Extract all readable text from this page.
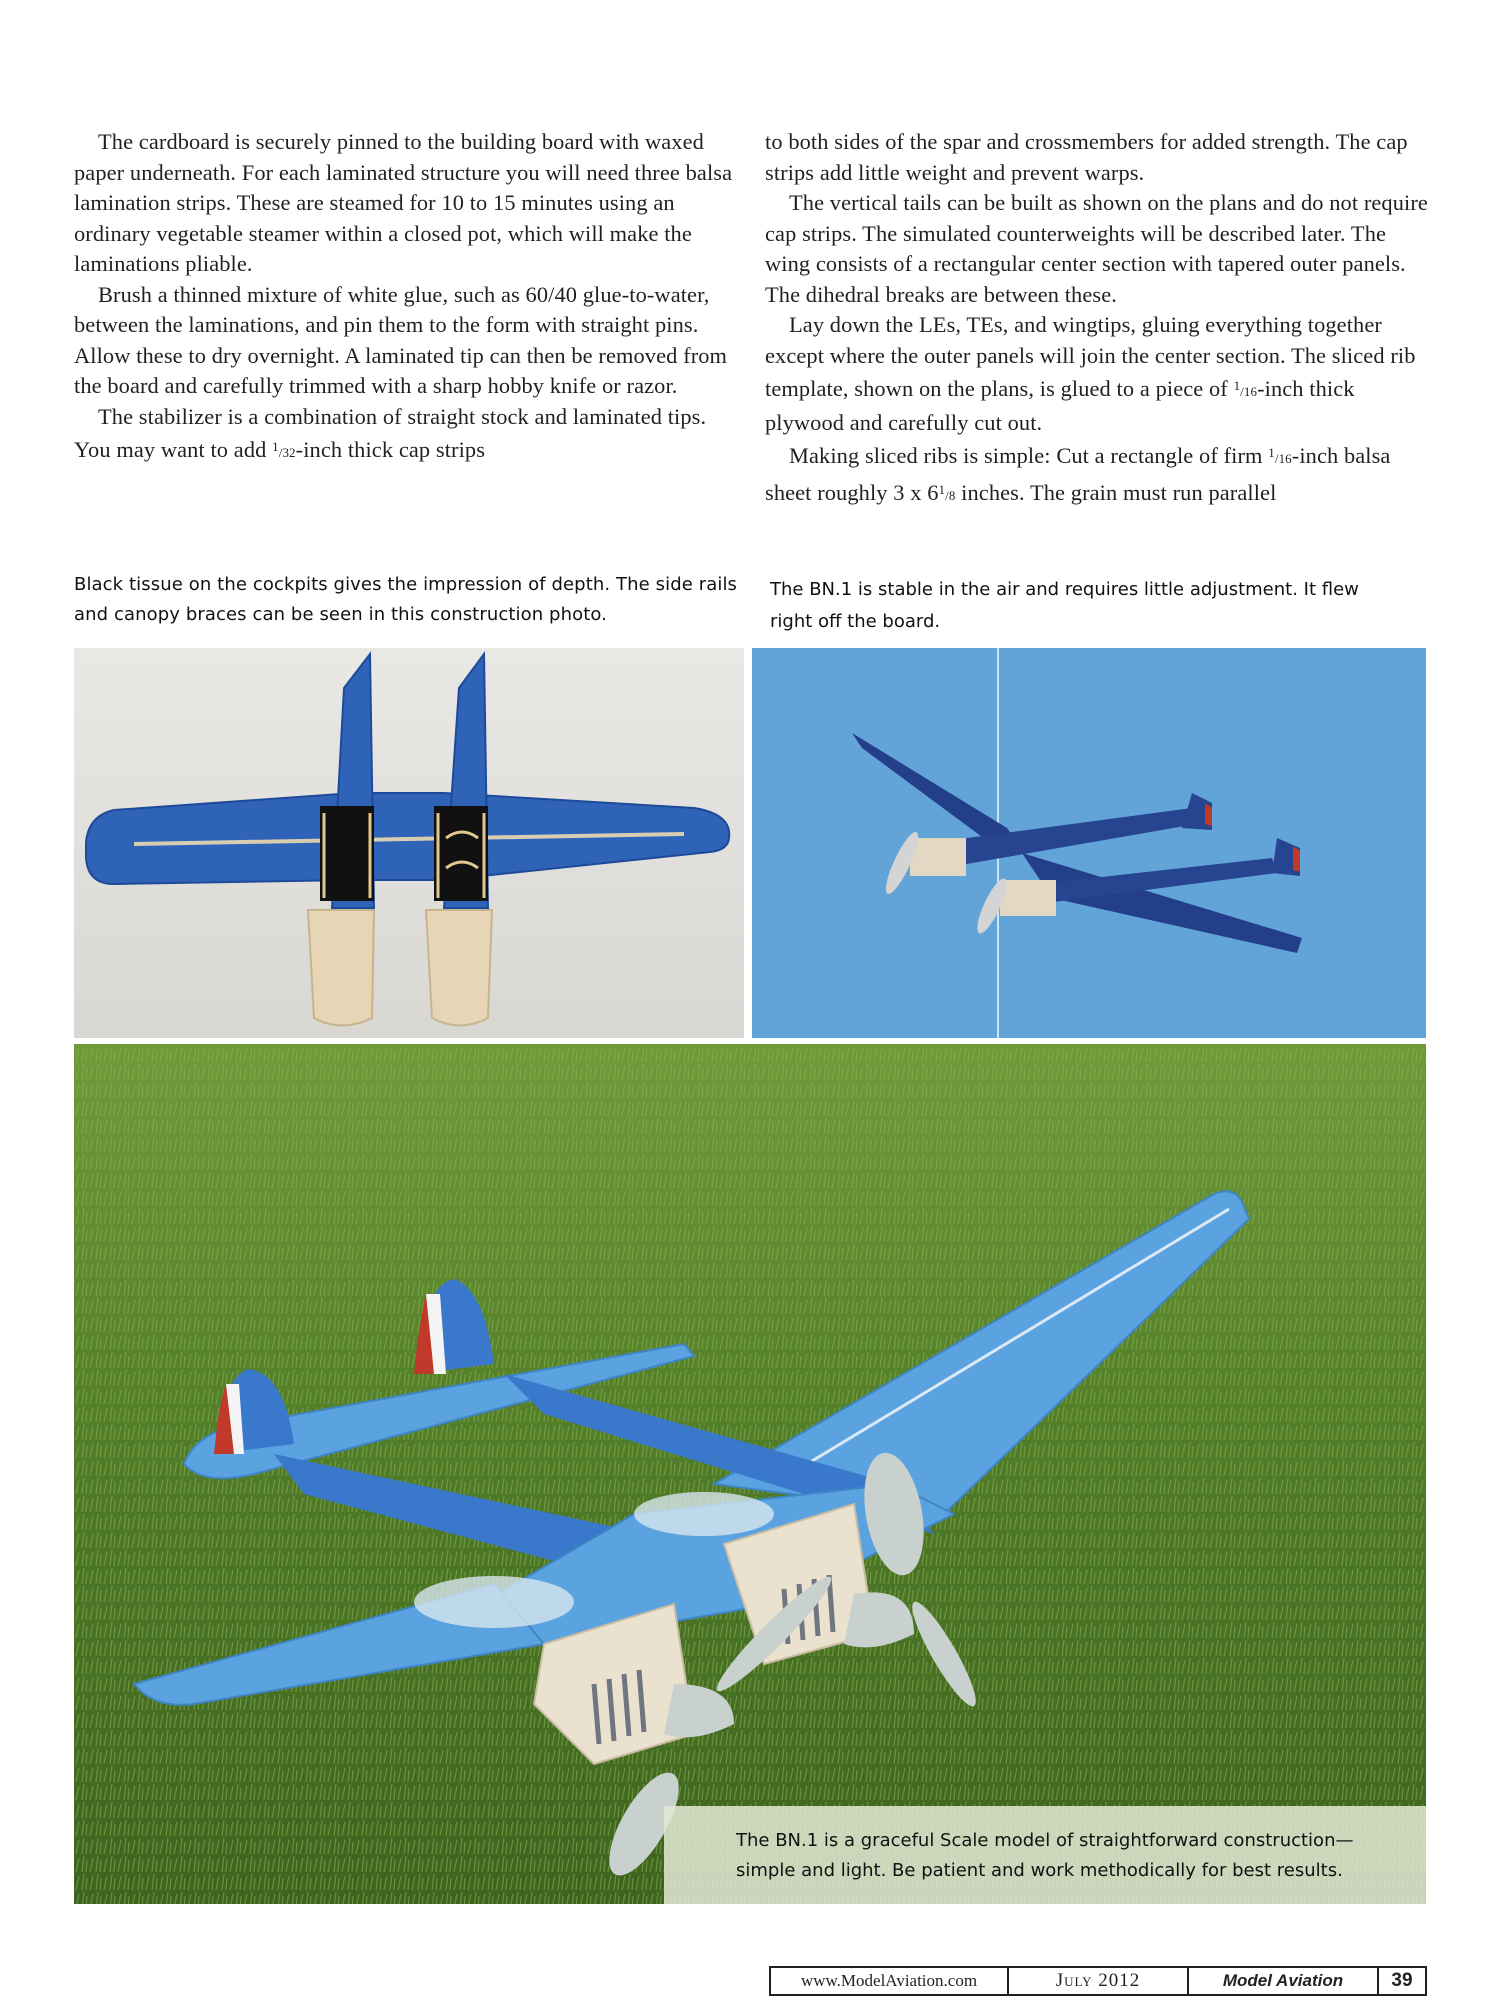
The cardboard is securely pinned to the building board with waxed paper underneath. For each laminated structure you will need three balsa lamination strips. These are steamed for 10 to 15 minutes using an ordinary vegetable steamer within a closed pot, which will make the laminations pliable.

Brush a thinned mixture of white glue, such as 60/40 glue-to-water, between the laminations, and pin them to the form with straight pins. Allow these to dry overnight. A laminated tip can then be removed from the board and carefully trimmed with a sharp hobby knife or razor.

The stabilizer is a combination of straight stock and laminated tips. You may want to add 1/32-inch thick cap strips

to both sides of the spar and crossmembers for added strength. The cap strips add little weight and prevent warps.

The vertical tails can be built as shown on the plans and do not require cap strips. The simulated counterweights will be described later. The wing consists of a rectangular center section with tapered outer panels. The dihedral breaks are between these.

Lay down the LEs, TEs, and wingtips, gluing everything together except where the outer panels will join the center section. The sliced rib template, shown on the plans, is glued to a piece of 1/16-inch thick plywood and carefully cut out.

Making sliced ribs is simple: Cut a rectangle of firm 1/16-inch balsa sheet roughly 3 x 61/8 inches. The grain must run parallel

Black tissue on the cockpits gives the impression of depth. The side rails
and canopy braces can be seen in this construction photo.
The BN.1 is stable in the air and requires little adjustment. It flew
right off the board.
The BN.1 is a graceful Scale model of straightforward construction—
simple and light. Be patient and work methodically for best results.
www.ModelAviation.com	July 2012	Model Aviation	39
